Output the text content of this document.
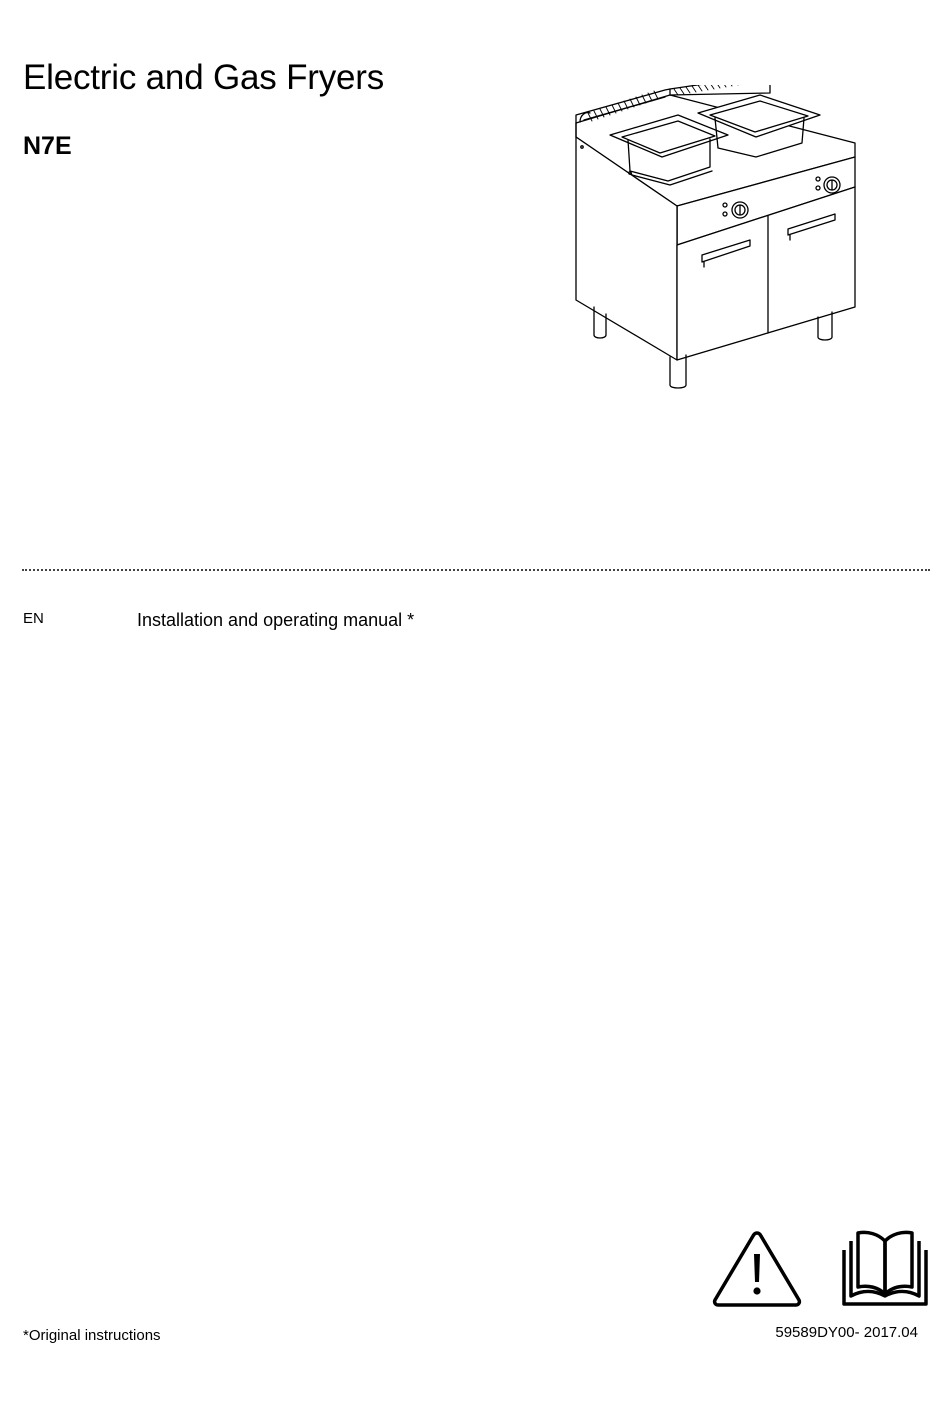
Electric and Gas Fryers
N7E
EN	Installation and operating manual *
*Original instructions	59589DY00- 2017.04
